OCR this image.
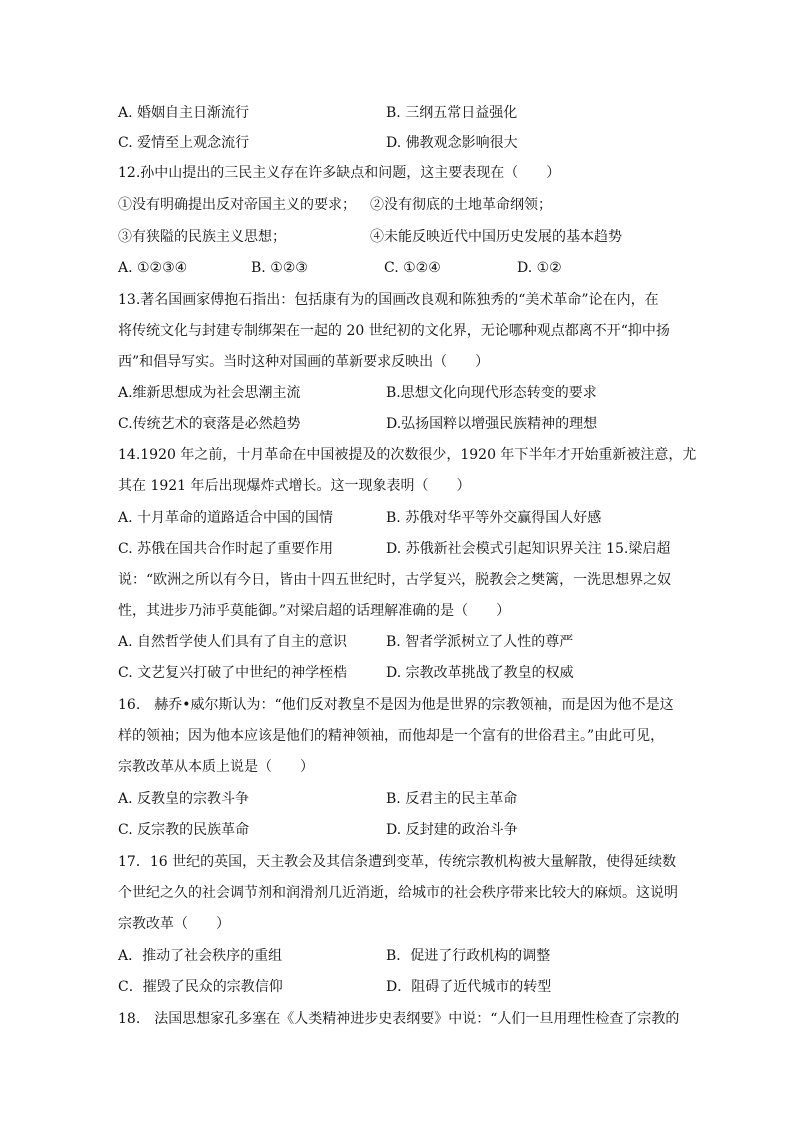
A. 婚姻自主日渐流行	B. 三纲五常日益强化
C. 爱情至上观念流行	D. 佛教观念影响很大
12.孙中山提出的三民主义存在许多缺点和问题，这主要表现在（　　）
①没有明确提出反对帝国主义的要求； ②没有彻底的土地革命纲领；
③有狭隘的民族主义思想；	④未能反映近代中国历史发展的基本趋势
A. ①②③④	B. ①②③	C. ①②④	D. ①②
13.著名国画家傅抱石指出：包括康有为的国画改良观和陈独秀的“美术革命”论在内，在
将传统文化与封建专制绑架在一起的 20 世纪初的文化界，无论哪种观点都离不开“抑中扬
西”和倡导写实。当时这种对国画的革新要求反映出（　　）
A.维新思想成为社会思潮主流	B.思想文化向现代形态转变的要求
C.传统艺术的衰落是必然趋势	D.弘扬国粹以增强民族精神的理想
14.1920 年之前，十月革命在中国被提及的次数很少，1920 年下半年才开始重新被注意，尤
其在 1921 年后出现爆炸式增长。这一现象表明（　　）
A. 十月革命的道路适合中国的国情	B. 苏俄对华平等外交赢得国人好感
C. 苏俄在国共合作时起了重要作用	D. 苏俄新社会模式引起知识界关注 15.梁启超
说：“欧洲之所以有今日，皆由十四五世纪时，古学复兴，脱教会之樊篱，一洗思想界之奴
性，其进步乃沛乎莫能御。”对梁启超的话理解准确的是（　　）
A. 自然哲学使人们具有了自主的意识	B. 智者学派树立了人性的尊严
C. 文艺复兴打破了中世纪的神学桎梏	D. 宗教改革挑战了教皇的权威
16.　赫乔•威尔斯认为：“他们反对教皇不是因为他是世界的宗教领袖，而是因为他不是这
样的领袖；因为他本应该是他们的精神领袖，而他却是一个富有的世俗君主。”由此可见，
宗教改革从本质上说是（　　）
A. 反教皇的宗教斗争	B. 反君主的民主革命
C. 反宗教的民族革命	D. 反封建的政治斗争
17．16 世纪的英国，天主教会及其信条遭到变革，传统宗教机构被大量解散，使得延续数
个世纪之久的社会调节剂和润滑剂几近消逝，给城市的社会秩序带来比较大的麻烦。这说明
宗教改革（　　）
A．推动了社会秩序的重组	B．促进了行政机构的调整
C．摧毁了民众的宗教信仰	D．阻碍了近代城市的转型
18.　法国思想家孔多塞在《人类精神进步史表纲要》中说：“人们一旦用理性检查了宗教的
